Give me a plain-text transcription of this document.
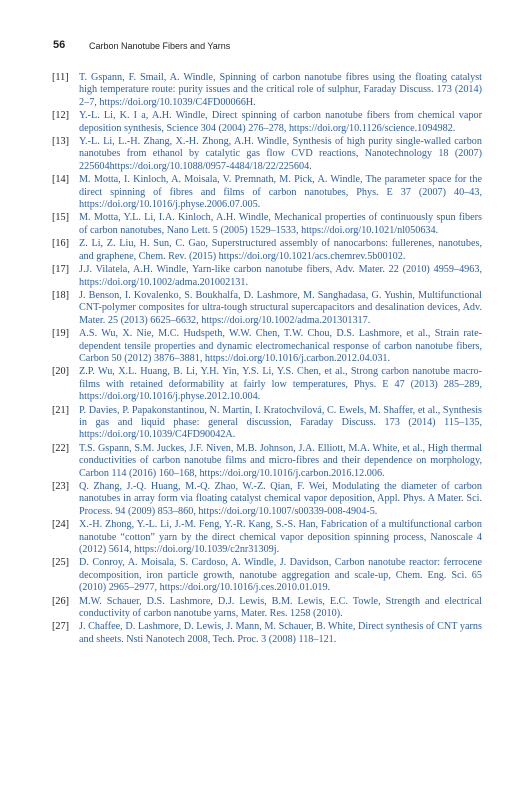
56	Carbon Nanotube Fibers and Yarns
[11]	T. Gspann, F. Smail, A. Windle, Spinning of carbon nanotube fibres using the floating catalyst high temperature route: purity issues and the critical role of sulphur, Faraday Discuss. 173 (2014) 2–7, https://doi.org/10.1039/C4FD00066H.
[12] Y.-L. Li, K. I a, A.H. Windle, Direct spinning of carbon nanotube fibers from chemical vapor deposition synthesis, Science 304 (2004) 276–278, https://doi.org/10.1126/science.1094982.
[13] Y.-L. Li, L.-H. Zhang, X.-H. Zhong, A.H. Windle, Synthesis of high purity single-walled carbon nanotubes from ethanol by catalytic gas flow CVD reactions, Nanotechnology 18 (2007) 225604https://doi.org/10.1088/0957-4484/18/22/225604.
[14] M. Motta, I. Kinloch, A. Moisala, V. Premnath, M. Pick, A. Windle, The parameter space for the direct spinning of fibres and films of carbon nanotubes, Phys. E 37 (2007) 40–43, https://doi.org/10.1016/j.physe.2006.07.005.
[15] M. Motta, Y.L. Li, I.A. Kinloch, A.H. Windle, Mechanical properties of continuously spun fibers of carbon nanotubes, Nano Lett. 5 (2005) 1529–1533, https://doi.org/10.1021/nl050634.
[16] Z. Li, Z. Liu, H. Sun, C. Gao, Superstructured assembly of nanocarbons: fullerenes, nanotubes, and graphene, Chem. Rev. (2015) https://doi.org/10.1021/acs.chemrev.5b00102.
[17] J.J. Vilatela, A.H. Windle, Yarn-like carbon nanotube fibers, Adv. Mater. 22 (2010) 4959–4963, https://doi.org/10.1002/adma.201002131.
[18] J. Benson, I. Kovalenko, S. Boukhalfa, D. Lashmore, M. Sanghadasa, G. Yushin, Multifunctional CNT-polymer composites for ultra-tough structural supercapacitors and desalination devices, Adv. Mater. 25 (2013) 6625–6632, https://doi.org/10.1002/adma.201301317.
[19] A.S. Wu, X. Nie, M.C. Hudspeth, W.W. Chen, T.W. Chou, D.S. Lashmore, et al., Strain rate-dependent tensile properties and dynamic electromechanical response of carbon nanotube fibers, Carbon 50 (2012) 3876–3881, https://doi.org/10.1016/j.carbon.2012.04.031.
[20] Z.P. Wu, X.L. Huang, B. Li, Y.H. Yin, Y.S. Li, Y.S. Chen, et al., Strong carbon nanotube macro-films with retained deformability at fairly low temperatures, Phys. E 47 (2013) 285–289, https://doi.org/10.1016/j.physe.2012.10.004.
[21] P. Davies, P. Papakonstantinou, N. Martin, I. Kratochvílová, C. Ewels, M. Shaffer, et al., Synthesis in gas and liquid phase: general discussion, Faraday Discuss. 173 (2014) 115–135, https://doi.org/10.1039/C4FD90042A.
[22] T.S. Gspann, S.M. Juckes, J.F. Niven, M.B. Johnson, J.A. Elliott, M.A. White, et al., High thermal conductivities of carbon nanotube films and micro-fibres and their dependence on morphology, Carbon 114 (2016) 160–168, https://doi.org/10.1016/j.carbon.2016.12.006.
[23] Q. Zhang, J.-Q. Huang, M.-Q. Zhao, W.-Z. Qian, F. Wei, Modulating the diameter of carbon nanotubes in array form via floating catalyst chemical vapor deposition, Appl. Phys. A Mater. Sci. Process. 94 (2009) 853–860, https://doi.org/10.1007/s00339-008-4904-5.
[24] X.-H. Zhong, Y.-L. Li, J.-M. Feng, Y.-R. Kang, S.-S. Han, Fabrication of a multifunctional carbon nanotube “cotton” yarn by the direct chemical vapor deposition spinning process, Nanoscale 4 (2012) 5614, https://doi.org/10.1039/c2nr31309j.
[25] D. Conroy, A. Moisala, S. Cardoso, A. Windle, J. Davidson, Carbon nanotube reactor: ferrocene decomposition, iron particle growth, nanotube aggregation and scale-up, Chem. Eng. Sci. 65 (2010) 2965–2977, https://doi.org/10.1016/j.ces.2010.01.019.
[26] M.W. Schauer, D.S. Lashmore, D.J. Lewis, B.M. Lewis, E.C. Towle, Strength and electrical conductivity of carbon nanotube yarns, Mater. Res. 1258 (2010).
[27] J. Chaffee, D. Lashmore, D. Lewis, J. Mann, M. Schauer, B. White, Direct synthesis of CNT yarns and sheets. Nsti Nanotech 2008, Tech. Proc. 3 (2008) 118–121.
